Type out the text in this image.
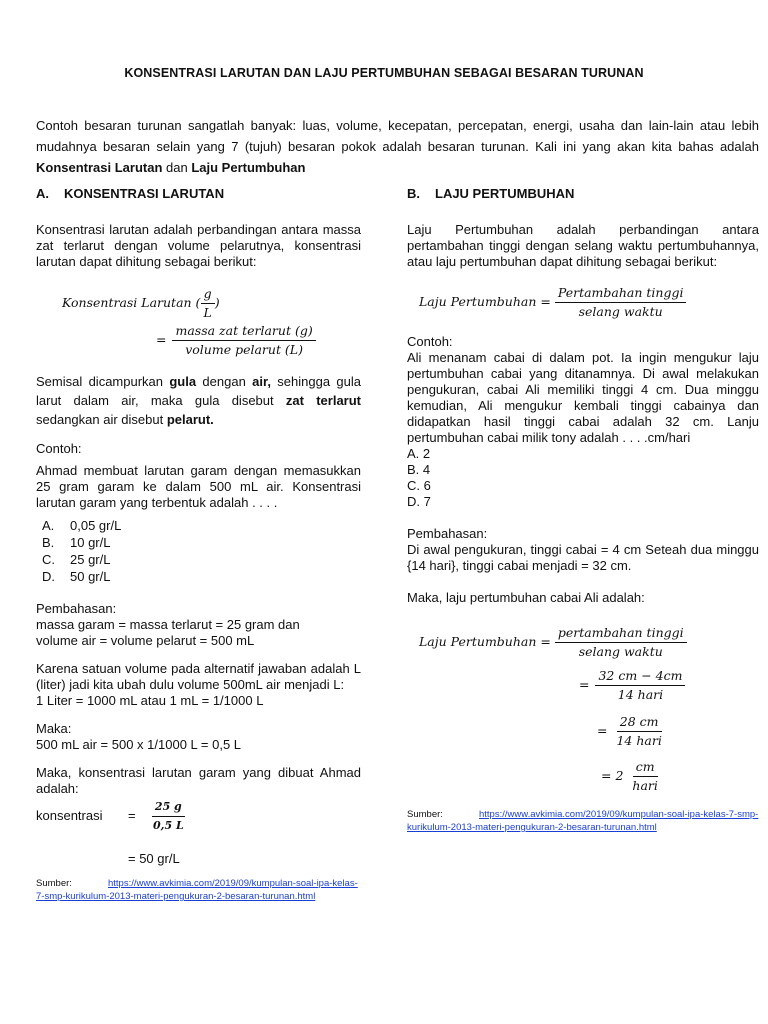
KONSENTRASI LARUTAN DAN LAJU PERTUMBUHAN SEBAGAI BESARAN TURUNAN

Contoh besaran turunan sangatlah banyak: luas, volume, kecepatan, percepatan, energi, usaha dan lain-lain atau lebih mudahnya besaran selain yang 7 (tujuh) besaran pokok adalah besaran turunan. Kali ini yang akan kita bahas adalah Konsentrasi Larutan dan Laju Pertumbuhan

A.	KONSENTRASI LARUTAN

Konsentrasi larutan adalah perbandingan antara massa zat terlarut dengan volume pelarutnya, konsentrasi larutan dapat dihitung sebagai berikut:

Konsentrasi Larutan ( $\frac{g}{L}$ )
= $\frac{\text{massa zat terlarut (g)}}{\text{volume pelarut (L)}}$

Semisal dicampurkan gula dengan air, sehingga gula larut dalam air, maka gula disebut zat terlarut sedangkan air disebut pelarut.

Contoh:

Ahmad membuat larutan garam dengan memasukkan 25 gram garam ke dalam 500 mL air. Konsentrasi larutan garam yang terbentuk adalah . . . .

A.	0,05 gr/L
B.	10 gr/L
C.	25 gr/L
D.	50 gr/L

Pembahasan:

massa garam = massa terlarut = 25 gram dan

volume air = volume pelarut = 500 mL

Karena satuan volume pada alternatif jawaban adalah L (liter) jadi kita ubah dulu volume 500mL air menjadi L:

1 Liter = 1000 mL atau 1 mL = 1/1000 L

Maka:

500 mL air = 500 x 1/1000 L = 0,5 L

Maka, konsentrasi larutan garam yang dibuat Ahmad adalah:

konsentrasi	=	$\frac{25 g}{0,5 L}$

= 50 gr/L

Sumber:	https://www.avkimia.com/2019/09/kumpulan-soal-ipa-kelas-7-smp-kurikulum-2013-materi-pengukuran-2-besaran-turunan.html
B.	LAJU PERTUMBUHAN

Laju Pertumbuhan adalah perbandingan antara pertambahan tinggi dengan selang waktu pertumbuhannya, atau laju pertumbuhan dapat dihitung sebagai berikut:

Laju Pertumbuhan = $\frac{\text{Pertambahan tinggi}}{\text{selang waktu}}$

Contoh:

Ali menanam cabai di dalam pot. Ia ingin mengukur laju pertumbuhan cabai yang ditanamnya. Di awal melakukan pengukuran, cabai Ali memiliki tinggi 4 cm. Dua minggu kemudian, Ali mengukur kembali tinggi cabainya dan didapatkan hasil tinggi cabai adalah 32 cm. Lanju pertumbuhan cabai milik tony adalah . . . .cm/hari

A. 2

B. 4

C. 6

D. 7

Pembahasan:

Di awal pengukuran, tinggi cabai = 4 cm Seteah dua minggu {14 hari}, tinggi cabai menjadi = 32 cm.

Maka, laju pertumbuhan cabai Ali adalah:

Laju Pertumbuhan = $\frac{\text{pertambahan tinggi}}{\text{selang waktu}}$
= $\frac{32 cm - 4cm}{\text{14 hari}}$
= $\frac{28 cm}{\text{14 hari}}$
= $2 \frac{cm}{\text{hari}}$
Sumber:	https://www.avkimia.com/2019/09/kumpulan-soal-ipa-kelas-7-smp-kurikulum-2013-materi-pengukuran-2-besaran-turunan.html
